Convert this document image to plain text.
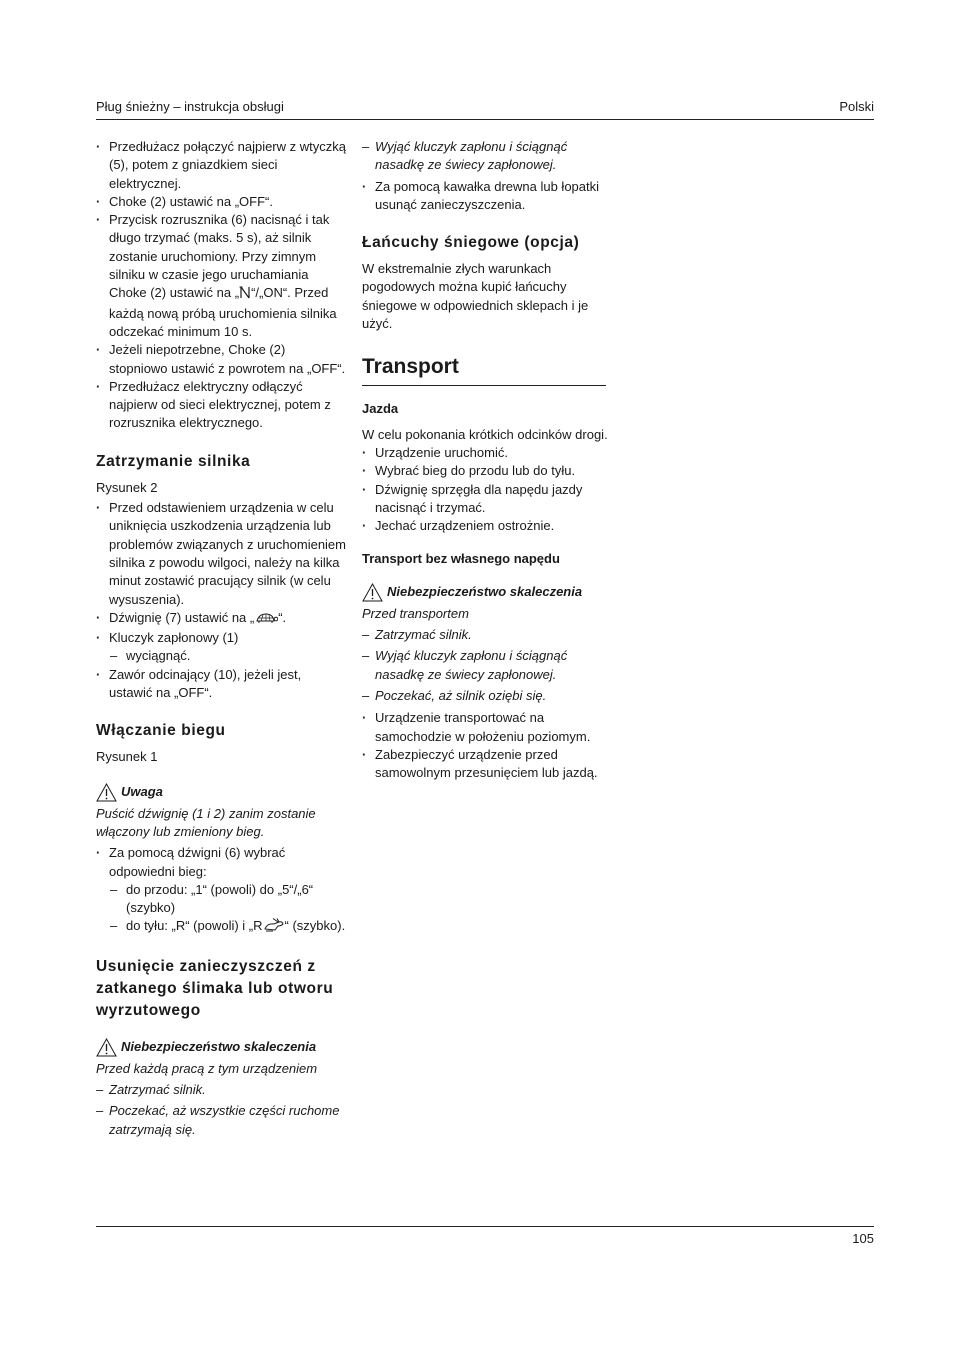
Pług śnieżny – instrukcja obsługi	Polski
105
· Przedłużacz połączyć najpierw z wtyczką (5), potem z gniazdkiem sieci elektrycznej.
· Choke (2) ustawić na „OFF“.
· Przycisk rozrusznika (6) nacisnąć i tak długo trzymać (maks. 5 s), aż silnik zostanie uruchomiony. Przy zimnym silniku w czasie jego uruchamiania Choke (2) ustawić na „ “/„ON“. Przed każdą nową próbą uruchomienia silnika odczekać minimum 10 s.
· Jeżeli niepotrzebne, Choke (2) stopniowo ustawić z powrotem na „OFF“.
· Przedłużacz elektryczny odłączyć najpierw od sieci elektrycznej, potem z rozrusznika elektrycznego.
Zatrzymanie silnika
Rysunek 2
· Przed odstawieniem urządzenia w celu uniknięcia uszkodzenia urządzenia lub problemów związanych z uruchomieniem silnika z powodu wilgoci, należy na kilka minut zostawić pracujący silnik (w celu wysuszenia).
· Dźwignię (7) ustawić na „ “.
· Kluczyk zapłonowy (1)
– wyciągnąć.
· Zawór odcinający (10), jeżeli jest, ustawić na „OFF“.
Włączanie biegu
Rysunek 1
Uwaga
Puścić dźwignię (1 i 2) zanim zostanie włączony lub zmieniony bieg.
· Za pomocą dźwigni (6) wybrać odpowiedni bieg:
– do przodu: „1“ (powoli) do „5“/„6“ (szybko)
– do tyłu: „R“ (powoli) i „R “ (szybko).
Usunięcie zanieczyszczeń z zatkanego ślimaka lub otworu wyrzutowego
Niebezpieczeństwo skaleczenia
Przed każdą pracą z tym urządzeniem
– Zatrzymać silnik.
– Poczekać, aż wszystkie części ruchome zatrzymają się.
– Wyjąć kluczyk zapłonu i ściągnąć nasadkę ze świecy zapłonowej.
· Za pomocą kawałka drewna lub łopatki usunąć zanieczyszczenia.
Łańcuchy śniegowe (opcja)
W ekstremalnie złych warunkach pogodowych można kupić łańcuchy śniegowe w odpowiednich sklepach i je użyć.
Transport
Jazda
W celu pokonania krótkich odcinków drogi.
· Urządzenie uruchomić.
· Wybrać bieg do przodu lub do tyłu.
· Dźwignię sprzęgła dla napędu jazdy nacisnąć i trzymać.
· Jechać urządzeniem ostrożnie.
Transport bez własnego napędu
Niebezpieczeństwo skaleczenia
Przed transportem
– Zatrzymać silnik.
– Wyjąć kluczyk zapłonu i ściągnąć nasadkę ze świecy zapłonowej.
– Poczekać, aż silnik oziębi się.
· Urządzenie transportować na samochodzie w położeniu poziomym.
· Zabezpieczyć urządzenie przed samowolnym przesunięciem lub jazdą.
